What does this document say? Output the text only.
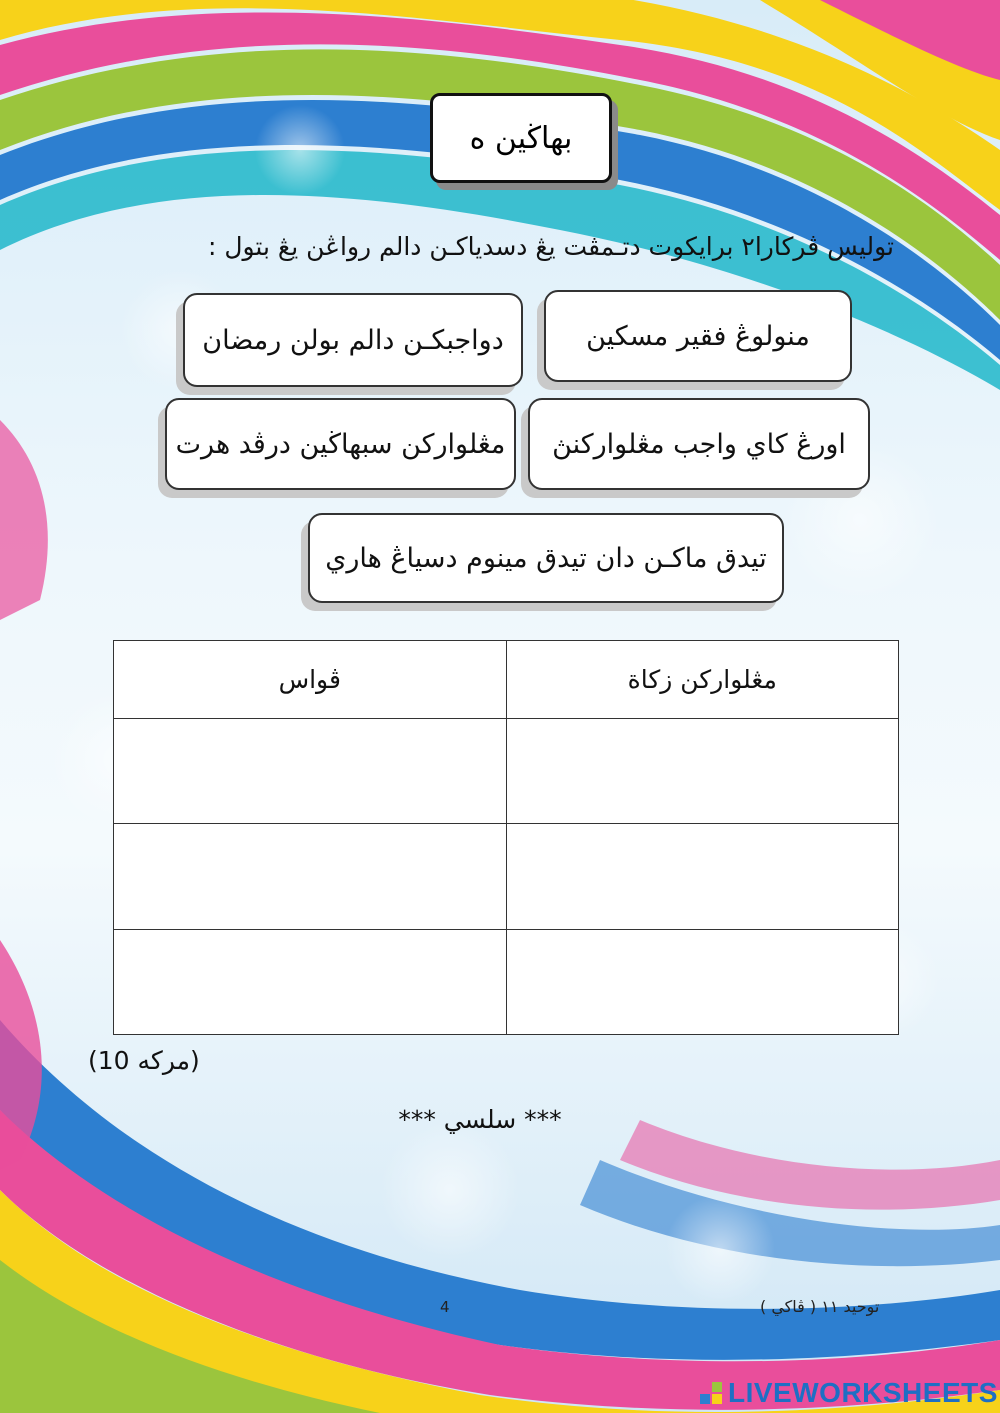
بهاڬين ه
توليس ڤركارا٢ برايكوت دتـمڤت يڠ دسدياكـن دالم رواڠن يڠ بتول :
منولوڠ فقير مسكين
دواجبكـن دالم بولن رمضان
اورڠ كاي واجب مڠلواركنڽ
مڠلواركن سبهاڬين درڤد هرت
تيدق ماكـن دان تيدق مينوم دسياڠ هاري
ڤواس	مڠلواركن زكاة

(10 مركه)
*** سلسي ***
4	توحيد ١١ ( ڤاكي )
LIVEWORKSHEETS
